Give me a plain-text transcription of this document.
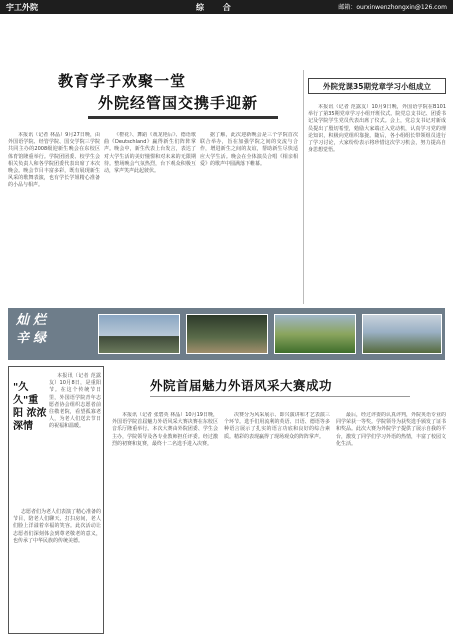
宇工外院	综 合	邮箱：ourxinwenzhongxin@126.com
教育学子欢聚一堂
外院经管国交携手迎新
外院党课35期党章学习小组成立

本报讯（记者 林晶）9月27日晚，由外国语学院、经管学院、国交学院三学院共同主办的2008级迎新生晚会在东校区体育馆隆重举行。学院团团委、校学生会相关负责人和各学院团委代表出席了本次晚会。晚会节目丰富多彩，既有展现新生风采的歌舞表演，也有学长学姐精心准备的小品与相声。

《橙花》、舞蹈《戏龙艳后》、德语歌曲《Deutschland》赢得新生们阵阵掌声。晚会中，新生代表上台发言，表达了对大学生活的美好憧憬和对未来的无限期待。整场晚会气氛热烈，台下观众积极互动，掌声笑声此起彼伏。

据了解，此次迎新晚会是三个学院首次联合举办，旨在加强学院之间的交流与合作，增进新生之间的友谊，帮助新生尽快适应大学生活。晚会在全体演员合唱《相亲相爱》的歌声中圆满落下帷幕。

本报讯（记者 范露友）10月9日晚，外国语学院在B101举行了第35期党章学习小组开班仪式。院党总支书记、团委书记及学院学生党员代表出席了仪式。会上，党总支书记对新成员提出了殷切希望，勉励大家端正入党动机，认真学习党的理论知识，积极向党组织靠拢。随后，各小组组长带领组员进行了学习讨论，大家纷纷表示将珍惜这次学习机会，努力提高自身思想觉悟。

灿烂
辛绿
"久久"重阳 浓浓深情

本报讯（记者 范露友）10月8日，是重阳节。在这个传统节日里，外国语学院青年志愿者协会组织志愿者前往敬老院，看望孤寡老人，为老人们送去节日的祝福和温暖。

志愿者们为老人们表演了精心准备的节目，陪老人们聊天、打扫房间，老人们脸上洋溢着幸福的笑容。此次活动让志愿者们深刻体会到尊老敬老的意义，也传承了中华民族的传统美德。

外院首届魅力外语风采大赛成功

本报讯（记者 张碧英 林晶）10月19日晚，外国语学院首届魅力外语风采大赛决赛在东校区音乐厅隆重举行。本次大赛由外院团委、学生会主办，学院领导及各专业教师担任评委。经过激烈的初赛和复赛，最终十二名选手进入决赛。

决赛分为风采展示、即兴演讲和才艺表演三个环节。选手们用流利的英语、日语、德语等多种语言展示了扎实的语言功底和良好的综合素质。精彩的表现赢得了现场观众的阵阵掌声。

最后，经过评委的认真评判，外院英语专业的同学荣获一等奖。学院领导为获奖选手颁发了证书和奖品。此次大赛为外院学子提供了展示自我的平台，激发了同学们学习外语的热情，丰富了校园文化生活。
